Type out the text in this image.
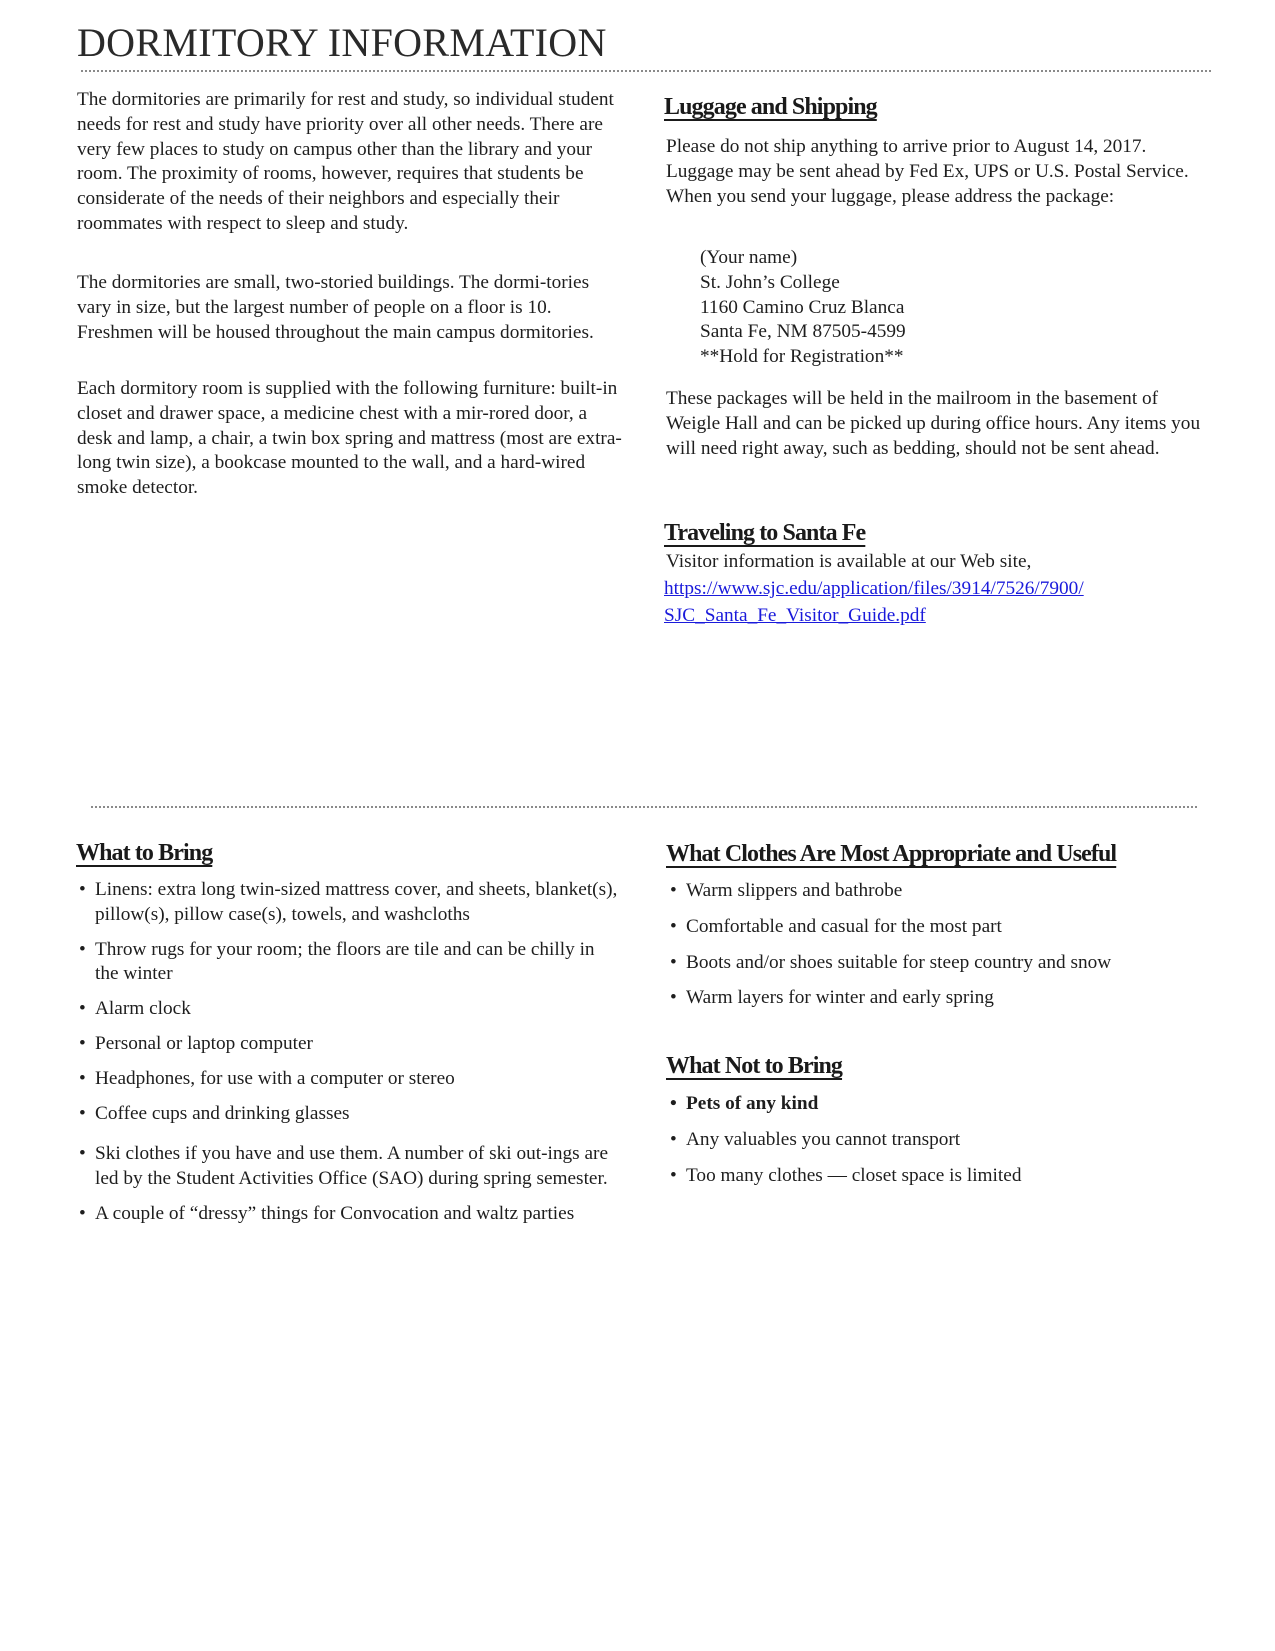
DORMITORY INFORMATION

The dormitories are primarily for rest and study, so individual student needs for rest and study have priority over all other needs. There are very few places to study on campus other than the library and your room. The proximity of rooms, however, requires that students be considerate of the needs of their neighbors and especially their roommates with respect to sleep and study.

The dormitories are small, two-storied buildings. The dormi-tories vary in size, but the largest number of people on a floor is 10. Freshmen will be housed throughout the main campus dormitories.

Each dormitory room is supplied with the following furniture: built-in closet and drawer space, a medicine chest with a mir-rored door, a desk and lamp, a chair, a twin box spring and mattress (most are extra-long twin size), a bookcase mounted to the wall, and a hard-wired smoke detector.

Luggage and Shipping

Please do not ship anything to arrive prior to August 14, 2017. Luggage may be sent ahead by Fed Ex, UPS or U.S. Postal Service. When you send your luggage, please address the package:

(Your name)
St. John’s College
1160 Camino Cruz Blanca
Santa Fe, NM 87505-4599
**Hold for Registration**

These packages will be held in the mailroom in the basement of Weigle Hall and can be picked up during office hours. Any items you will need right away, such as bedding, should not be sent ahead.

Traveling to Santa Fe

Visitor information is available at our Web site,

https://www.sjc.edu/application/files/3914/7526/7900/
SJC_Santa_Fe_Visitor_Guide.pdf
What to Bring
• Linens: extra long twin-sized mattress cover, and sheets, blanket(s), pillow(s), pillow case(s), towels, and washcloths
• Throw rugs for your room; the floors are tile and can be chilly in the winter
• Alarm clock
• Personal or laptop computer
• Headphones, for use with a computer or stereo
• Coffee cups and drinking glasses
• Ski clothes if you have and use them. A number of ski out-ings are led by the Student Activities Office (SAO) during spring semester.
• A couple of “dressy” things for Convocation and waltz parties
What Clothes Are Most Appropriate and Useful
• Warm slippers and bathrobe
• Comfortable and casual for the most part
• Boots and/or shoes suitable for steep country and snow
• Warm layers for winter and early spring
What Not to Bring
• Pets of any kind
• Any valuables you cannot transport
• Too many clothes — closet space is limited
